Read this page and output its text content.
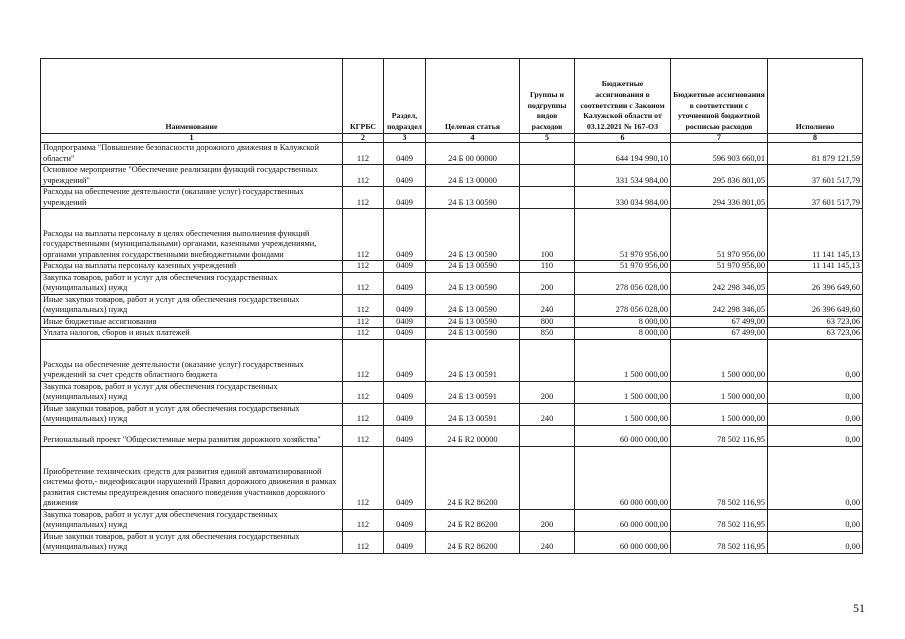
Наименование	КГРБС	Раздел, подраздел	Целевая статья	Группы и подгруппы видов расходов	Бюджетные ассигнования в соответствии с Законом Калужской области от 03.12.2021 № 167-ОЗ	Бюджетные ассигнования в соответствии с уточненной бюджетной росписью расходов	Исполнено
1	2	3	4	5	6	7	8
Подпрограмма "Повышение безопасности дорожного движения в Калужской области"	112	0409	24 Б 00 00000		644 194 990,10	596 903 660,01	81 879 121,59
Основное мероприятие "Обеспечение реализации функций государственных учреждений"	112	0409	24 Б 13 00000		331 534 984,00	295 836 801,05	37 601 517,79
Расходы на обеспечение деятельности (оказание услуг) государственных учреждений	112	0409	24 Б 13 00590		330 034 984,00	294 336 801,05	37 601 517,79
Расходы на выплаты персоналу в целях обеспечения выполнения функций государственными (муниципальными) органами, казенными учреждениями, органами управления государственными внебюджетными фондами	112	0409	24 Б 13 00590	100	51 970 956,00	51 970 956,00	11 141 145,13
Расходы на выплаты персоналу казенных учреждений	112	0409	24 Б 13 00590	110	51 970 956,00	51 970 956,00	11 141 145,13
Закупка товаров, работ и услуг для обеспечения государственных (муниципальных) нужд	112	0409	24 Б 13 00590	200	278 056 028,00	242 298 346,05	26 396 649,60
Иные закупки товаров, работ и услуг для обеспечения государственных (муниципальных) нужд	112	0409	24 Б 13 00590	240	278 056 028,00	242 298 346,05	26 396 649,60
Иные бюджетные ассигнования	112	0409	24 Б 13 00590	800	8 000,00	67 499,00	63 723,06
Уплата налогов, сборов и иных платежей	112	0409	24 Б 13 00590	850	8 000,00	67 499,00	63 723,06
Расходы на обеспечение деятельности (оказание услуг) государственных учреждений за счет средств областного бюджета	112	0409	24 Б 13 00591		1 500 000,00	1 500 000,00	0,00
Закупка товаров, работ и услуг для обеспечения государственных (муниципальных) нужд	112	0409	24 Б 13 00591	200	1 500 000,00	1 500 000,00	0,00
Иные закупки товаров, работ и услуг для обеспечения государственных (муниципальных) нужд	112	0409	24 Б 13 00591	240	1 500 000,00	1 500 000,00	0,00
Региональный проект "Общесистемные меры развития дорожного хозяйства"	112	0409	24 Б R2 00000		60 000 000,00	78 502 116,95	0,00
Приобретение технических средств для развития единой автоматизированной системы фото,- видеофиксации нарушений Правил дорожного движения в рамках развития системы предупреждения опасного поведения участников дорожного движения	112	0409	24 Б R2 86200		60 000 000,00	78 502 116,95	0,00
Закупка товаров, работ и услуг для обеспечения государственных (муниципальных) нужд	112	0409	24 Б R2 86200	200	60 000 000,00	78 502 116,95	0,00
Иные закупки товаров, работ и услуг для обеспечения государственных (муниципальных) нужд	112	0409	24 Б R2 86200	240	60 000 000,00	78 502 116,95	0,00
51
